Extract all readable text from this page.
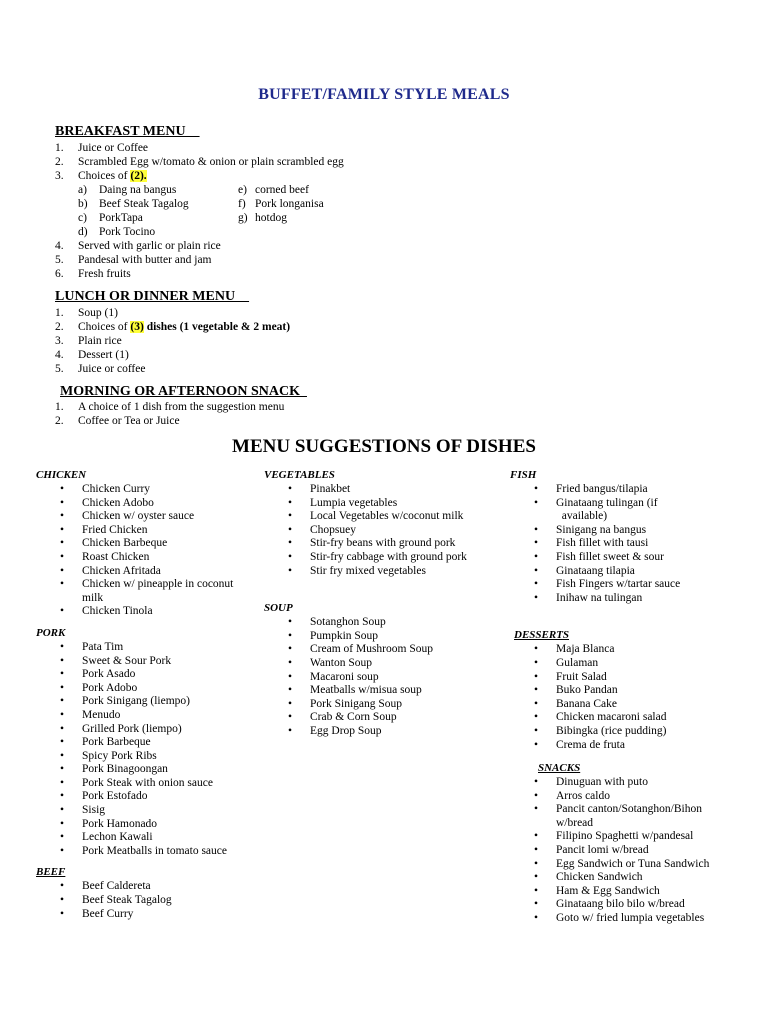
BUFFET/FAMILY STYLE MEALS
BREAKFAST MENU
1. Juice or Coffee
2. Scrambled Egg w/tomato & onion or plain scrambled egg
3. Choices of (2).
a) Daing na bangus	e) corned beef
b) Beef Steak Tagalog	f) Pork longanisa
c) PorkTapa	g) hotdog
d) Pork Tocino
4. Served with garlic or plain rice
5. Pandesal with butter and jam
6. Fresh fruits
LUNCH OR DINNER MENU
1. Soup (1)
2. Choices of (3) dishes (1 vegetable & 2 meat)
3. Plain rice
4. Dessert (1)
5. Juice or coffee
MORNING OR AFTERNOON SNACK
1. A choice of 1 dish from the suggestion menu
2. Coffee or Tea or Juice
MENU SUGGESTIONS OF DISHES
CHICKEN
• Chicken Curry
• Chicken Adobo
• Chicken w/ oyster sauce
• Fried Chicken
• Chicken Barbeque
• Roast Chicken
• Chicken Afritada
• Chicken w/ pineapple in coconut
milk
• Chicken Tinola
PORK
• Pata Tim
• Sweet & Sour Pork
• Pork Asado
• Pork Adobo
• Pork Sinigang (liempo)
• Menudo
• Grilled Pork (liempo)
• Pork Barbeque
• Spicy Pork Ribs
• Pork Binagoongan
• Pork Steak with onion sauce
• Pork Estofado
• Sisig
• Pork Hamonado
• Lechon Kawali
• Pork Meatballs in tomato sauce
BEEF
• Beef Caldereta
• Beef Steak Tagalog
• Beef Curry
VEGETABLES
• Pinakbet
• Lumpia vegetables
• Local Vegetables w/coconut milk
• Chopsuey
• Stir-fry beans with ground pork
• Stir-fry cabbage with ground pork
• Stir fry mixed vegetables
SOUP
• Sotanghon Soup
• Pumpkin Soup
• Cream of Mushroom Soup
• Wanton Soup
• Macaroni soup
• Meatballs w/misua soup
• Pork Sinigang Soup
• Crab & Corn Soup
• Egg Drop Soup
FISH
• Fried bangus/tilapia
• Ginataang tulingan (if
available)
• Sinigang na bangus
• Fish fillet with tausi
• Fish fillet sweet & sour
• Ginataang tilapia
• Fish Fingers w/tartar sauce
• Inihaw na tulingan
DESSERTS
• Maja Blanca
• Gulaman
• Fruit Salad
• Buko Pandan
• Banana Cake
• Chicken macaroni salad
• Bibingka (rice pudding)
• Crema de fruta
SNACKS
• Dinuguan with puto
• Arros caldo
• Pancit canton/Sotanghon/Bihon
w/bread
• Filipino Spaghetti w/pandesal
• Pancit lomi w/bread
• Egg Sandwich or Tuna Sandwich
• Chicken Sandwich
• Ham & Egg Sandwich
• Ginataang bilo bilo w/bread
• Goto w/ fried lumpia vegetables
